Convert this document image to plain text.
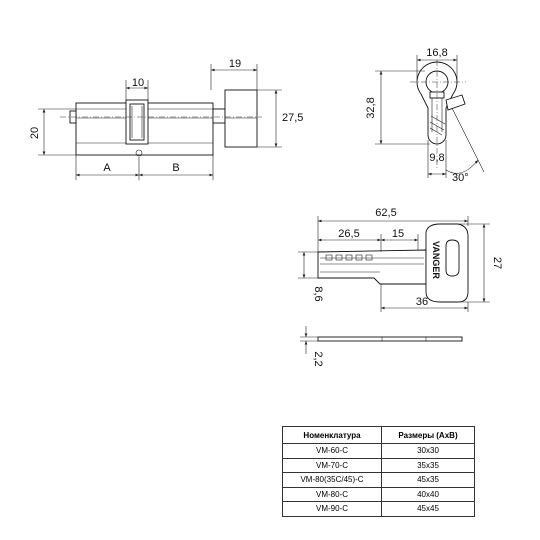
10
19
20
27,5
A	B
16,8
32,8
9,8
30°
VANGER
62,5
26,5	15
36
27
8,6
2,2
Номенклатура	Размеры (AxB)
VM-60-C	30x30
VM-70-C	35x35
VM-80(35C/45)-C	45x35
VM-80-C	40x40
VM-90-C	45x45
